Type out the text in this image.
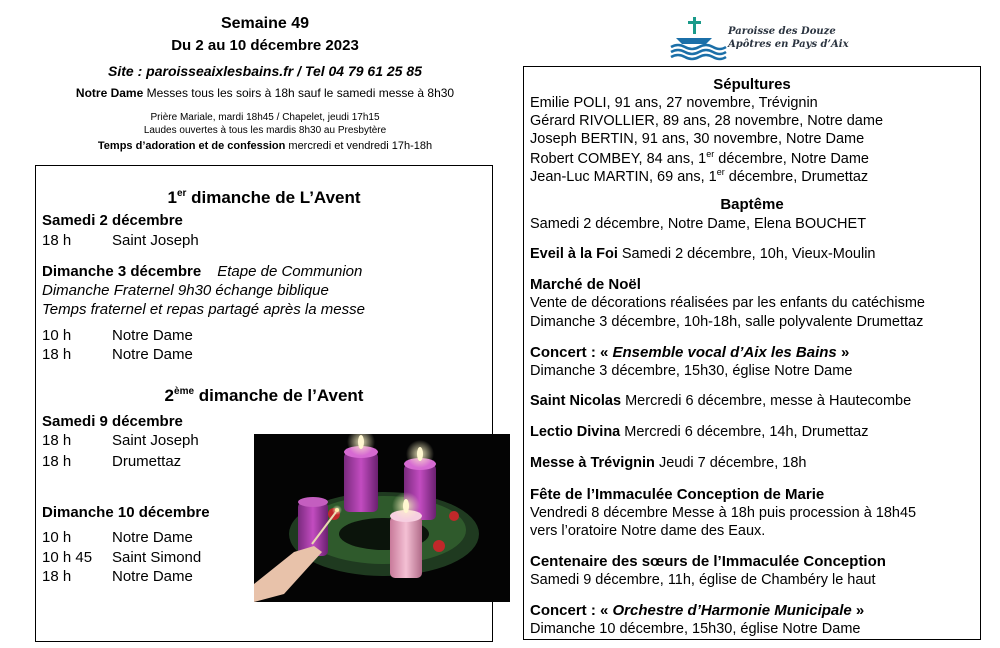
Semaine 49
Du 2 au 10 décembre 2023
Site : paroisseaixlesbains.fr / Tel 04 79 61 25 85
Notre Dame Messes tous les soirs à 18h sauf le samedi messe à 8h30
Prière Mariale, mardi 18h45 / Chapelet, jeudi 17h15
Laudes ouvertes à tous les mardis 8h30 au Presbytère
Temps d’adoration et de confession mercredi et vendredi 17h-18h
Paroisse des Douze
Apôtres en Pays d’Aix
1er dimanche de L’Avent
Samedi 2 décembre
18 h	Saint Joseph
Dimanche 3 décembre Etape de Communion
Dimanche Fraternel 9h30 échange biblique
Temps fraternel et repas partagé après la messe
10 h	Notre Dame
18 h	Notre Dame
2ème dimanche de l’Avent
Samedi 9 décembre
18 h	Saint Joseph
18 h	Drumettaz
Dimanche 10 décembre
10 h	Notre Dame
10 h 45 Saint Simond
18 h	Notre Dame
Sépultures
Emilie POLI, 91 ans, 27 novembre, Trévignin
Gérard RIVOLLIER, 89 ans, 28 novembre, Notre dame
Joseph BERTIN, 91 ans, 30 novembre, Notre Dame
Robert COMBEY, 84 ans, 1er décembre, Notre Dame
Jean-Luc MARTIN, 69 ans, 1er décembre, Drumettaz
Baptême
Samedi 2 décembre, Notre Dame, Elena BOUCHET
Eveil à la Foi Samedi 2 décembre, 10h, Vieux-Moulin
Marché de Noël
Vente de décorations réalisées par les enfants du catéchisme
Dimanche 3 décembre, 10h-18h, salle polyvalente Drumettaz
Concert : « Ensemble vocal d’Aix les Bains »
Dimanche 3 décembre, 15h30, église Notre Dame
Saint Nicolas Mercredi 6 décembre, messe à Hautecombe
Lectio Divina Mercredi 6 décembre, 14h, Drumettaz
Messe à Trévignin Jeudi 7 décembre, 18h
Fête de l’Immaculée Conception de Marie
Vendredi 8 décembre Messe à 18h puis procession à 18h45
vers l’oratoire Notre dame des Eaux.
Centenaire des sœurs de l’Immaculée Conception
Samedi 9 décembre, 11h, église de Chambéry le haut
Concert : « Orchestre d’Harmonie Municipale »
Dimanche 10 décembre, 15h30, église Notre Dame
